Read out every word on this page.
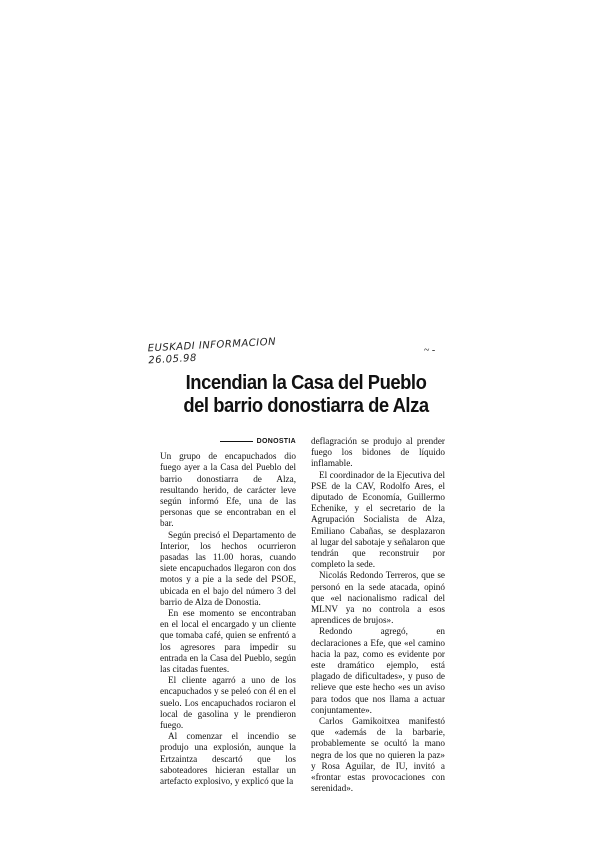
EUSKADI INFORMACION
26.05.98
~ -
Incendian la Casa del Pueblo
del barrio donostiarra de Alza
DONOSTIA

Un grupo de encapuchados dio fuego ayer a la Casa del Pueblo del barrio donostiarra de Alza, resultando herido, de carácter leve según informó Efe, una de las personas que se encontraban en el bar.

Según precisó el Departamento de Interior, los hechos ocurrieron pasadas las 11.00 horas, cuando siete encapuchados llegaron con dos motos y a pie a la sede del PSOE, ubicada en el bajo del número 3 del barrio de Alza de Donostia.

En ese momento se encontraban en el local el encargado y un cliente que tomaba café, quien se enfrentó a los agresores para impedir su entrada en la Casa del Pueblo, según las citadas fuentes.

El cliente agarró a uno de los encapuchados y se peleó con él en el suelo. Los encapuchados rociaron el local de gasolina y le prendieron fuego.

Al comenzar el incendio se produjo una explosión, aunque la Ertzaintza descartó que los saboteadores hicieran estallar un artefacto explosivo, y explicó que la

deflagración se produjo al prender fuego los bidones de líquido inflamable.

El coordinador de la Ejecutiva del PSE de la CAV, Rodolfo Ares, el diputado de Economía, Guillermo Echenike, y el secretario de la Agrupación Socialista de Alza, Emiliano Cabañas, se desplazaron al lugar del sabotaje y señalaron que tendrán que reconstruir por completo la sede.

Nicolás Redondo Terreros, que se personó en la sede atacada, opinó que «el nacionalismo radical del MLNV ya no controla a esos aprendices de brujos».

Redondo agregó, en declaraciones a Efe, que «el camino hacia la paz, como es evidente por este dramático ejemplo, está plagado de dificultades», y puso de relieve que este hecho «es un aviso para todos que nos llama a actuar conjuntamente».

Carlos Gamikoitxea manifestó que «además de la barbarie, probablemente se ocultó la mano negra de los que no quieren la paz» y Rosa Aguilar, de IU, invitó a «frontar estas provocaciones con serenidad».
